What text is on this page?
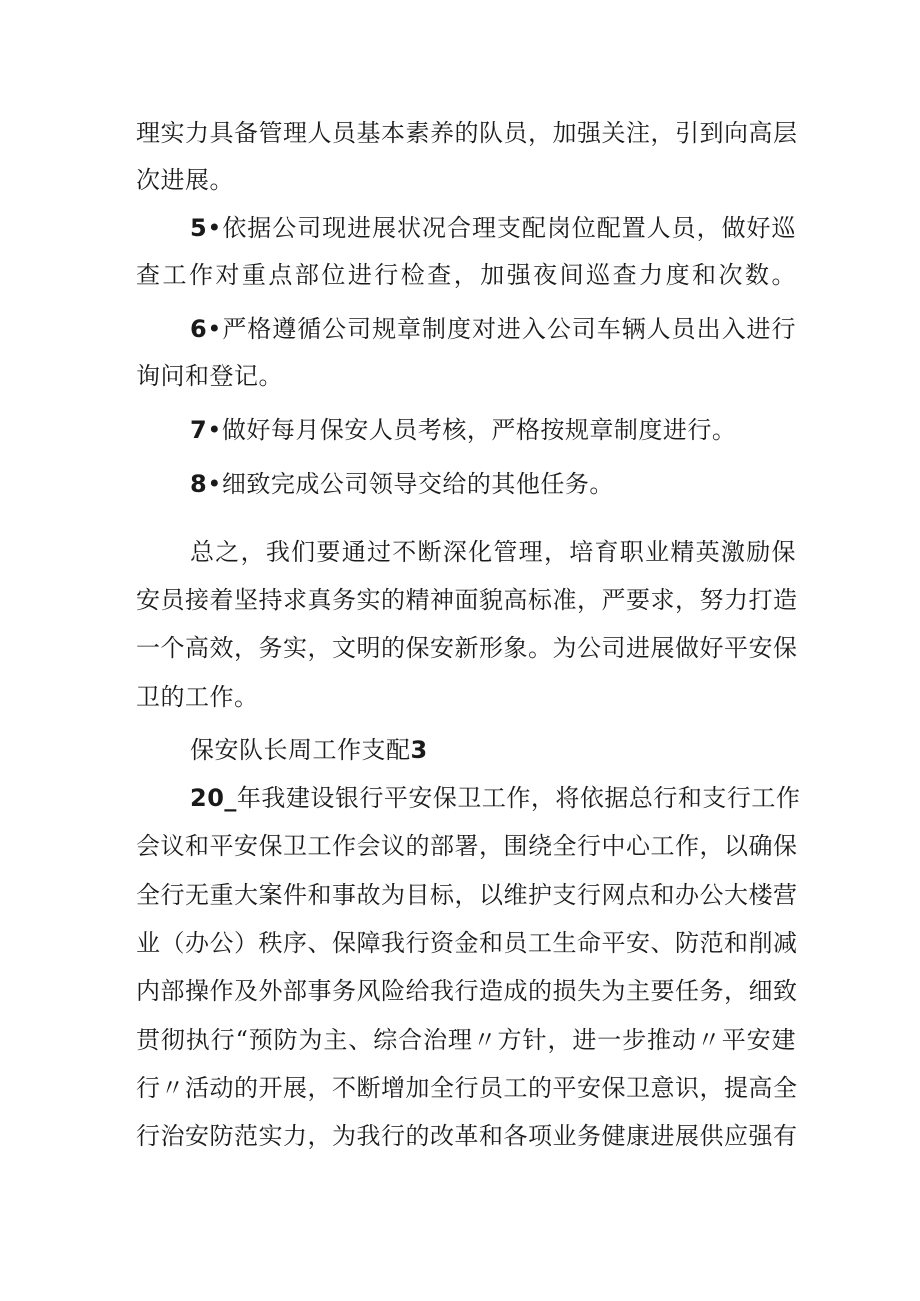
理实力具备管理人员基本素养的队员，加强关注，引到向高层
次进展。
5•依据公司现进展状况合理支配岗位配置人员，做好巡
查工作对重点部位进行检查，加强夜间巡查力度和次数。
6•严格遵循公司规章制度对进入公司车辆人员出入进行
询问和登记。
7•做好每月保安人员考核，严格按规章制度进行。
8•细致完成公司领导交给的其他任务。
总之，我们要通过不断深化管理，培育职业精英激励保
安员接着坚持求真务实的精神面貌高标准，严要求，努力打造
一个高效，务实，文明的保安新形象。为公司进展做好平安保
卫的工作。
保安队长周工作支配3
20_年我建设银行平安保卫工作，将依据总行和支行工作
会议和平安保卫工作会议的部署，围绕全行中心工作，以确保
全行无重大案件和事故为目标，以维护支行网点和办公大楼营
业（办公）秩序、保障我行资金和员工生命平安、防范和削减
内部操作及外部事务风险给我行造成的损失为主要任务，细致
贯彻执行“预防为主、综合治理〃方针，进一步推动〃平安建
行〃活动的开展，不断增加全行员工的平安保卫意识，提高全
行治安防范实力，为我行的改革和各项业务健康进展供应强有
